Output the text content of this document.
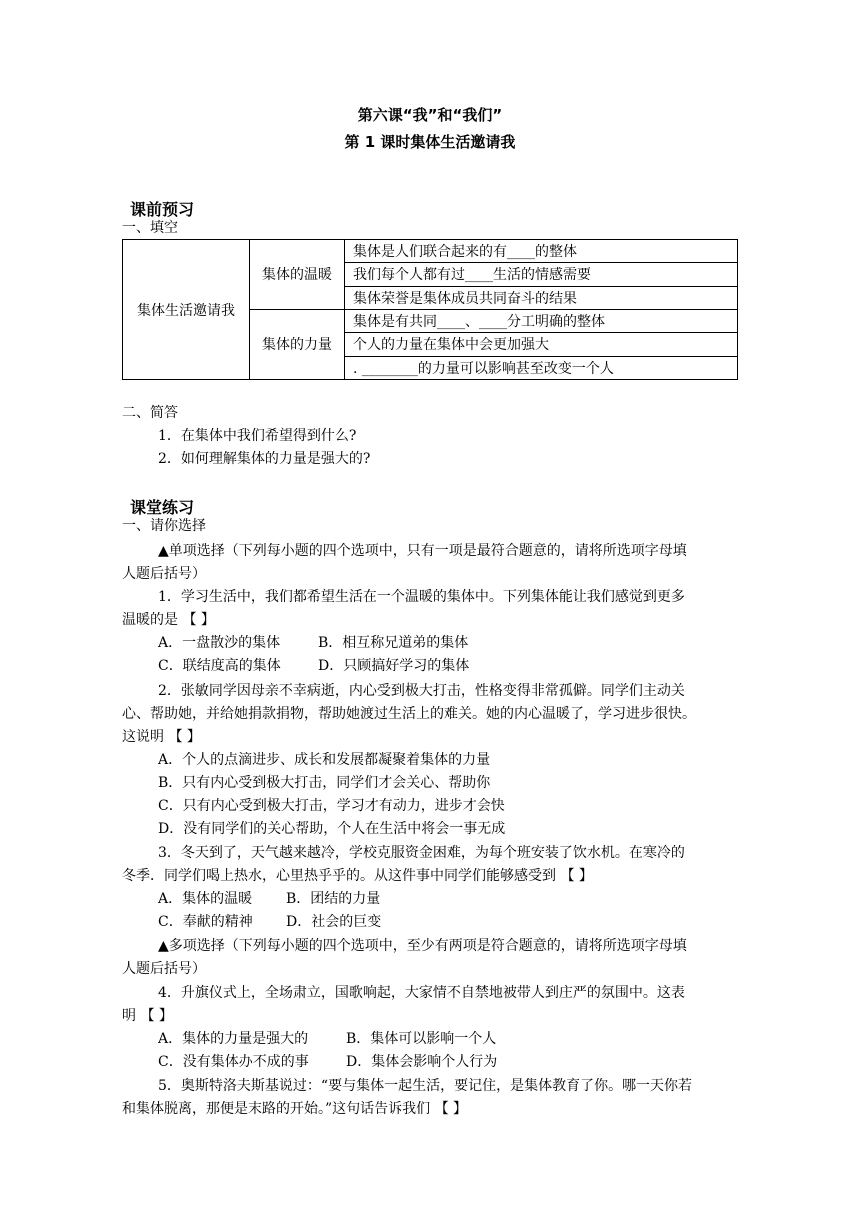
第六课“我”和“我们”
第 1 课时集体生活邀请我
课前预习
一、填空
集体生活邀请我	集体的温暖	集体是人们联合起来的有____的整体
		我们每个人都有过____生活的情感需要
		集体荣誉是集体成员共同奋斗的结果
	集体的力量	集体是有共同____、____分工明确的整体
		个人的力量在集体中会更加强大
		. ________的力量可以影响甚至改变一个人
二、简答
1．在集体中我们希望得到什么?
2．如何理解集体的力量是强大的?
课堂练习
一、请你选择
▲单项选择（下列每小题的四个选项中，只有一项是最符合题意的，请将所选项字母填
人题后括号）
1．学习生活中，我们都希望生活在一个温暖的集体中。下列集体能让我们感觉到更多
温暖的是 【 】
A．一盘散沙的集体	B．相互称兄道弟的集体
C．联结度高的集体	D．只顾搞好学习的集体
2．张敏同学因母亲不幸病逝，内心受到极大打击，性格变得非常孤僻。同学们主动关
心、帮助她，并给她捐款捐物，帮助她渡过生活上的难关。她的内心温暖了，学习进步很快。
这说明 【 】
A．个人的点滴进步、成长和发展都凝聚着集体的力量
B．只有内心受到极大打击，同学们才会关心、帮助你
C．只有内心受到极大打击，学习才有动力，进步才会快
D．没有同学们的关心帮助，个人在生活中将会一事无成
3．冬天到了，天气越来越冷，学校克服资金困难，为每个班安装了饮水机。在寒冷的
冬季．同学们喝上热水，心里热乎乎的。从这件事中同学们能够感受到 【 】
A．集体的温暖 B．团结的力量
C．奉献的精神 D．社会的巨变
▲多项选择（下列每小题的四个选项中，至少有两项是符合题意的，请将所选项字母填
人题后括号）
4．升旗仪式上，全场肃立，国歌响起，大家情不自禁地被带人到庄严的氛围中。这表
明 【 】
A．集体的力量是强大的	B．集体可以影响一个人
C．没有集体办不成的事	D．集体会影响个人行为
5．奥斯特洛夫斯基说过：“要与集体一起生活，要记住，是集体教育了你。哪一天你若
和集体脱离，那便是末路的开始。”这句话告诉我们 【 】
